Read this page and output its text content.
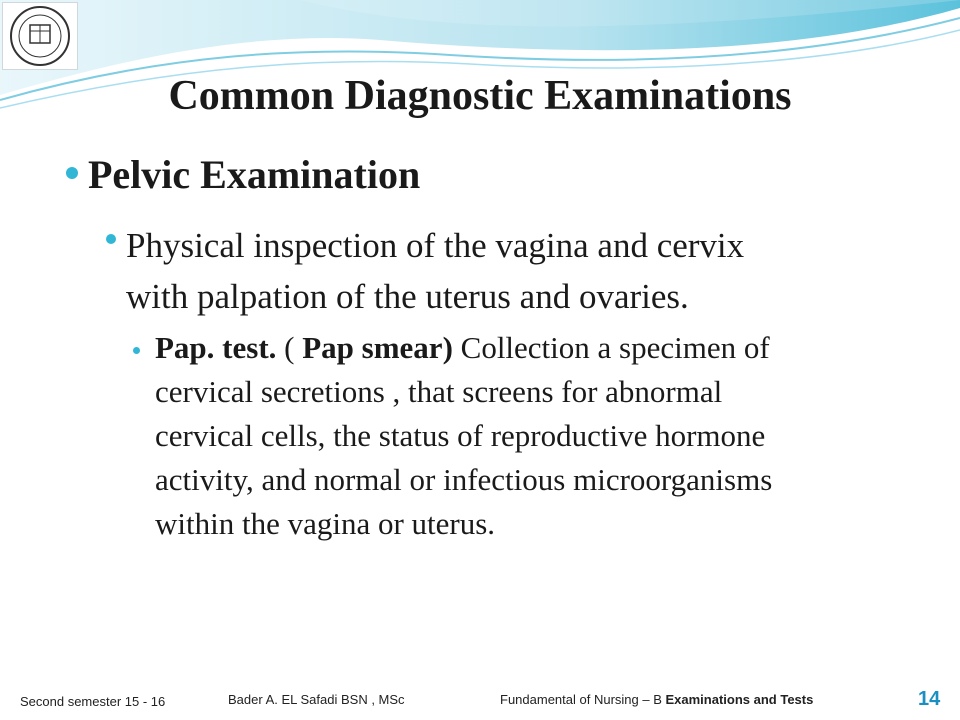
Common Diagnostic Examinations
Pelvic Examination
Physical inspection of the vagina and cervix
with palpation of the uterus and ovaries.
Pap. test. ( Pap smear) Collection a specimen of
cervical secretions , that screens for abnormal
cervical cells, the status of reproductive hormone
activity, and normal or infectious microorganisms
within the vagina or uterus.
Second semester 15 - 16	Bader A. EL Safadi BSN , MSc	Fundamental of Nursing – B Examinations and Tests	14
